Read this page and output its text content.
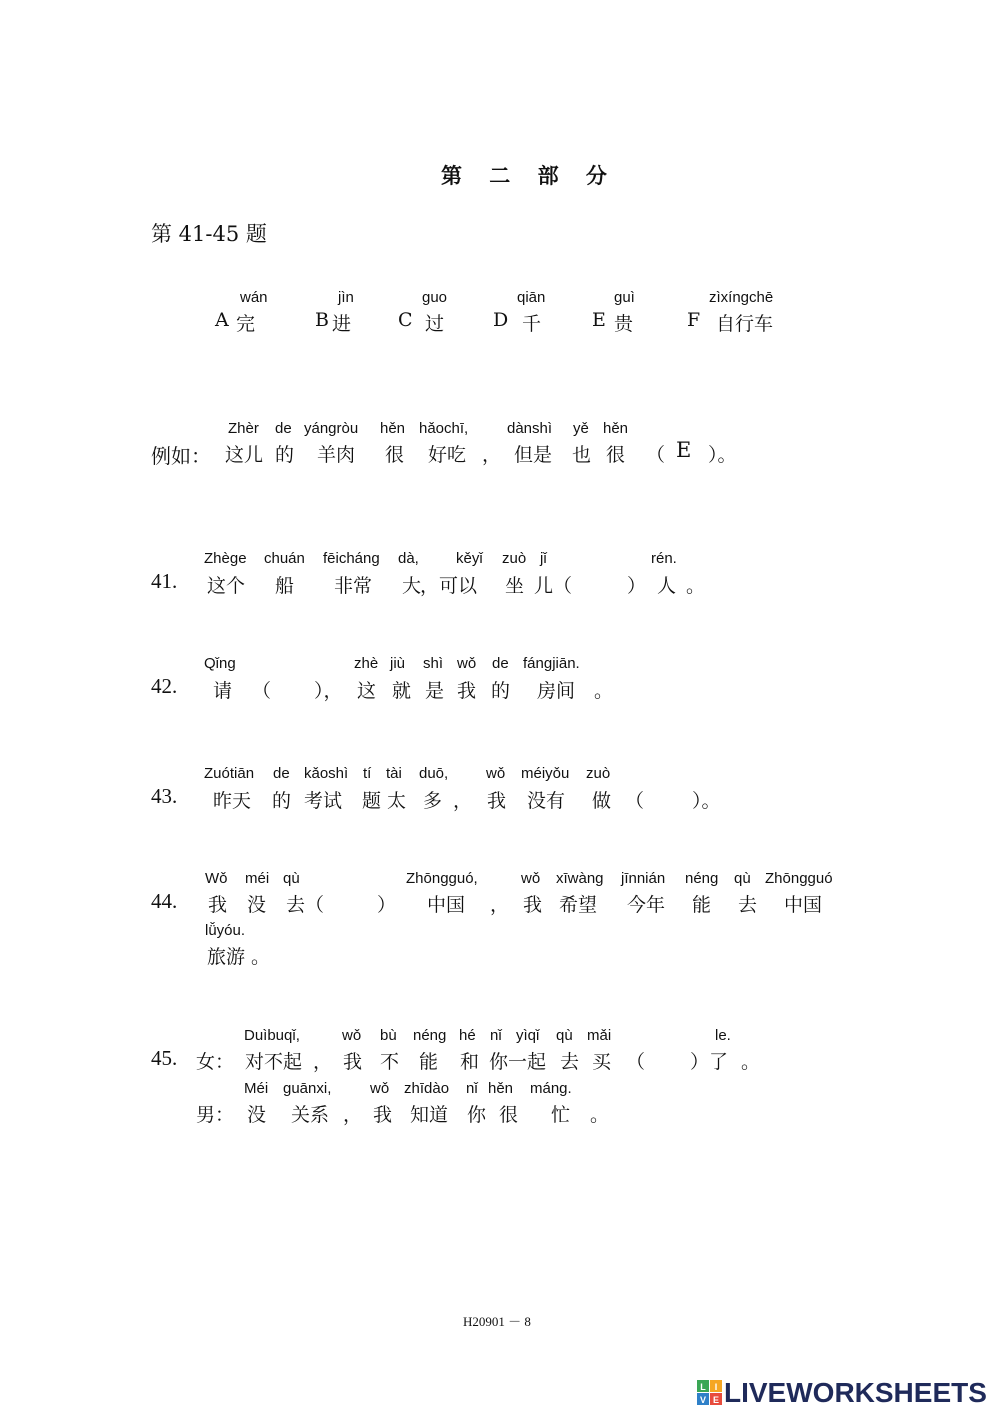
第 二 部 分
第 41-45 题
wán
A 完
jìn
B 进
guo
C 过
qiān
D 千
guì
E 贵
zìxíngchē
F 自行车
Zhèr de yángròu hěn hǎochī,	dànshì yě hěn
例如： 这儿 的 羊肉 很 好吃 ， 但是 也 很 （ E ）。
Zhège chuán fēicháng dà, kěyǐ zuò jǐ	rén.
41. 这个 船 非常 大
，可以 坐 儿（	） 人 。
Qǐng	zhè jiù shì wǒ de fángjiān.
42. 请 （ ）， 这 就 是 我 的 房间 。
Zuótiān de kǎoshì tí tài duō,	wǒ méiyǒu zuò
43. 昨天 的 考试 题 太 多 ， 我 没有 做 （	）。
Wǒ méi qù	Zhōngguó,	wǒ xīwàng jīnnián néng qù Zhōngguó
44. 我 没 去（	） 中国 ， 我 希望 今年 能 去 中国
lǚyóu.
旅游 。
Duìbuqǐ,	wǒ bù néng hé nǐ yìqǐ qù mǎi	le.
45. 女： 对不起 ， 我 不 能 和 你一起 去 买 （ ）了 。
Méi guānxi,	wǒ zhīdào nǐ hěn máng.
男： 没 关系 ， 我 知道 你 很 忙 。
H20901 － 8
L I
V E LIVEWORKSHEETS
